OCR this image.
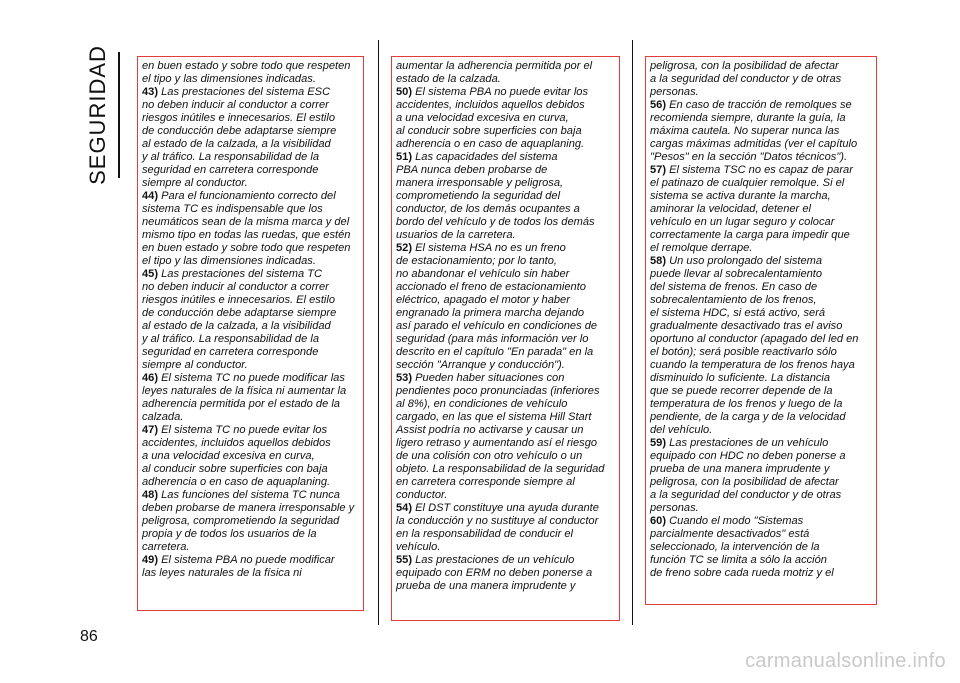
SEGURIDAD	en buen estado y sobre todo que respeten
el tipo y las dimensiones indicadas.

43) Las prestaciones del sistema ESC
no deben inducir al conductor a correr
riesgos inútiles e innecesarios. El estilo
de conducción debe adaptarse siempre
al estado de la calzada, a la visibilidad
y al tráfico. La responsabilidad de la
seguridad en carretera corresponde
siempre al conductor.

44) Para el funcionamiento correcto del
sistema TC es indispensable que los
neumáticos sean de la misma marca y del
mismo tipo en todas las ruedas, que estén
en buen estado y sobre todo que respeten
el tipo y las dimensiones indicadas.

45) Las prestaciones del sistema TC
no deben inducir al conductor a correr
riesgos inútiles e innecesarios. El estilo
de conducción debe adaptarse siempre
al estado de la calzada, a la visibilidad
y al tráfico. La responsabilidad de la
seguridad en carretera corresponde
siempre al conductor.

46) El sistema TC no puede modificar las
leyes naturales de la física ni aumentar la
adherencia permitida por el estado de la
calzada.

47) El sistema TC no puede evitar los
accidentes, incluidos aquellos debidos
a una velocidad excesiva en curva,
al conducir sobre superficies con baja
adherencia o en caso de aquaplaning.

48) Las funciones del sistema TC nunca
deben probarse de manera irresponsable y
peligrosa, comprometiendo la seguridad
propia y de todos los usuarios de la
carretera.

49) El sistema PBA no puede modificar
las leyes naturales de la física ni

aumentar la adherencia permitida por el
estado de la calzada.

50) El sistema PBA no puede evitar los
accidentes, incluidos aquellos debidos
a una velocidad excesiva en curva,
al conducir sobre superficies con baja
adherencia o en caso de aquaplaning.

51) Las capacidades del sistema
PBA nunca deben probarse de
manera irresponsable y peligrosa,
comprometiendo la seguridad del
conductor, de los demás ocupantes a
bordo del vehículo y de todos los demás
usuarios de la carretera.

52) El sistema HSA no es un freno
de estacionamiento; por lo tanto,
no abandonar el vehículo sin haber
accionado el freno de estacionamiento
eléctrico, apagado el motor y haber
engranado la primera marcha dejando
así parado el vehículo en condiciones de
seguridad (para más información ver lo
descrito en el capítulo "En parada" en la
sección "Arranque y conducción").

53) Pueden haber situaciones con
pendientes poco pronunciadas (inferiores
al 8%), en condiciones de vehículo
cargado, en las que el sistema Hill Start
Assist podría no activarse y causar un
ligero retraso y aumentando así el riesgo
de una colisión con otro vehículo o un
objeto. La responsabilidad de la seguridad
en carretera corresponde siempre al
conductor.

54) El DST constituye una ayuda durante
la conducción y no sustituye al conductor
en la responsabilidad de conducir el
vehículo.

55) Las prestaciones de un vehículo
equipado con ERM no deben ponerse a
prueba de una manera imprudente y

peligrosa, con la posibilidad de afectar
a la seguridad del conductor y de otras
personas.

56) En caso de tracción de remolques se
recomienda siempre, durante la guía, la
máxima cautela. No superar nunca las
cargas máximas admitidas (ver el capítulo
"Pesos" en la sección "Datos técnicos").

57) El sistema TSC no es capaz de parar
el patinazo de cualquier remolque. Si el
sistema se activa durante la marcha,
aminorar la velocidad, detener el
vehículo en un lugar seguro y colocar
correctamente la carga para impedir que
el remolque derrape.

58) Un uso prolongado del sistema
puede llevar al sobrecalentamiento
del sistema de frenos. En caso de
sobrecalentamiento de los frenos,
el sistema HDC, si está activo, será
gradualmente desactivado tras el aviso
oportuno al conductor (apagado del led en
el botón); será posible reactivarlo sólo
cuando la temperatura de los frenos haya
disminuido lo suficiente. La distancia
que se puede recorrer depende de la
temperatura de los frenos y luego de la
pendiente, de la carga y de la velocidad
del vehículo.

59) Las prestaciones de un vehículo
equipado con HDC no deben ponerse a
prueba de una manera imprudente y
peligrosa, con la posibilidad de afectar
a la seguridad del conductor y de otras
personas.

60) Cuando el modo "Sistemas
parcialmente desactivados" está
seleccionado, la intervención de la
función TC se limita a sólo la acción
de freno sobre cada rueda motriz y el

86
carmanualsonline.info
